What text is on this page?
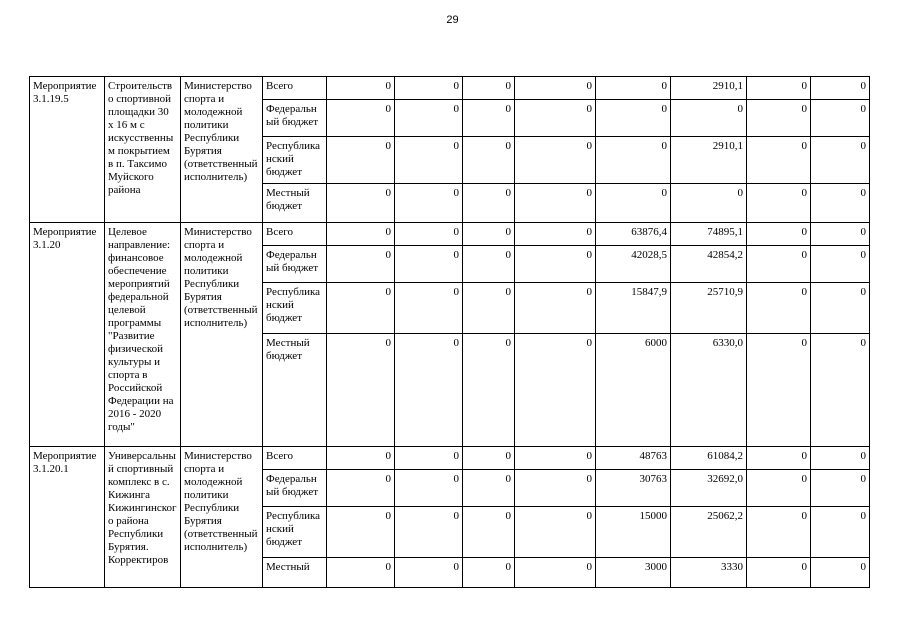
29
Мероприятие 3.1.19.5	Строительство спортивной площадки 30 х 16 м с искусственным покрытием в п. Таксимо Муйского района	Министерство спорта и молодежной политики Республики Бурятия (ответственный исполнитель)	Всего	0	0	0	0	0	2910,1	0	0
			Федеральный бюджет	0	0	0	0	0	0	0	0
			Республиканский бюджет	0	0	0	0	0	2910,1	0	0
			Местный бюджет	0	0	0	0	0	0	0	0
Мероприятие 3.1.20	Целевое направление: финансовое обеспечение мероприятий федеральной целевой программы "Развитие физической культуры и спорта в Российской Федерации на 2016 - 2020 годы"	Министерство спорта и молодежной политики Республики Бурятия (ответственный исполнитель)	Всего	0	0	0	0	63876,4	74895,1	0	0
			Федеральный бюджет	0	0	0	0	42028,5	42854,2	0	0
			Республиканский бюджет	0	0	0	0	15847,9	25710,9	0	0
			Местный бюджет	0	0	0	0	6000	6330,0	0	0
Мероприятие 3.1.20.1	Универсальный спортивный комплекс в с. Кижинга Кижингинского района Республики Бурятия. Корректиров	Министерство спорта и молодежной политики Республики Бурятия (ответственный исполнитель)	Всего	0	0	0	0	48763	61084,2	0	0
			Федеральный бюджет	0	0	0	0	30763	32692,0	0	0
			Республиканский бюджет	0	0	0	0	15000	25062,2	0	0
			Местный	0	0	0	0	3000	3330	0	0
